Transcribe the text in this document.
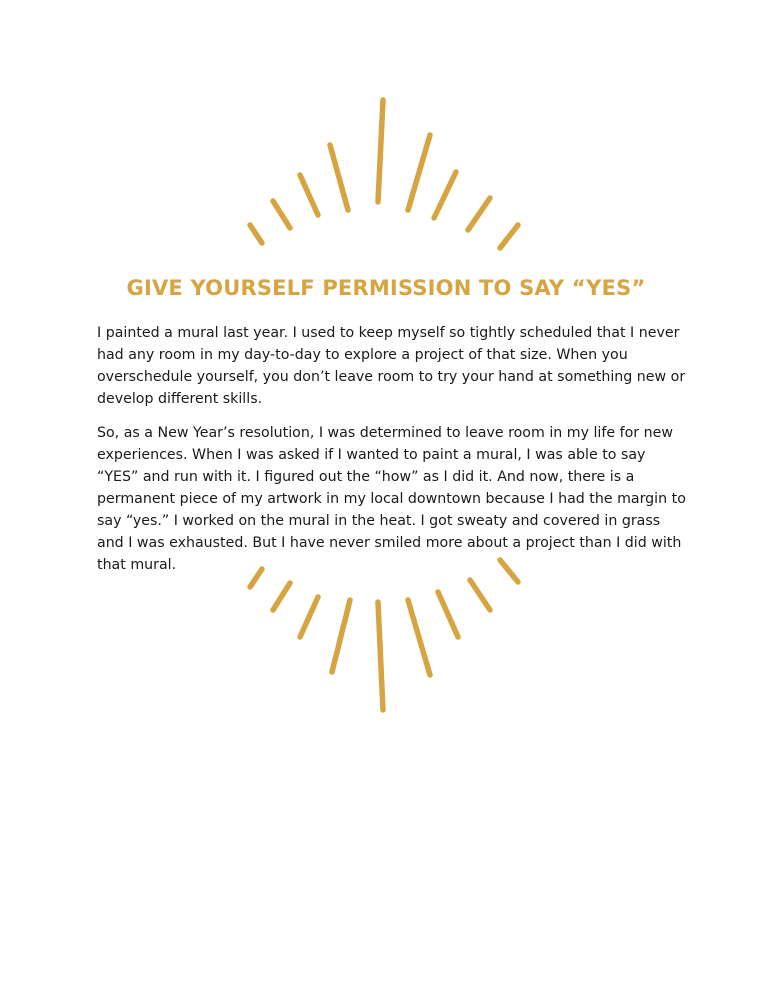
GIVE YOURSELF PERMISSION TO SAY “YES”

I painted a mural last year. I used to keep myself so tightly scheduled that I never had any room in my day-to-day to explore a project of that size. When you overschedule yourself, you don’t leave room to try your hand at something new or develop different skills.

So, as a New Year’s resolution, I was determined to leave room in my life for new experiences. When I was asked if I wanted to paint a mural, I was able to say “YES” and run with it. I figured out the “how” as I did it. And now, there is a permanent piece of my artwork in my local downtown because I had the margin to say “yes.” I worked on the mural in the heat. I got sweaty and covered in grass and I was exhausted. But I have never smiled more about a project than I did with that mural.
